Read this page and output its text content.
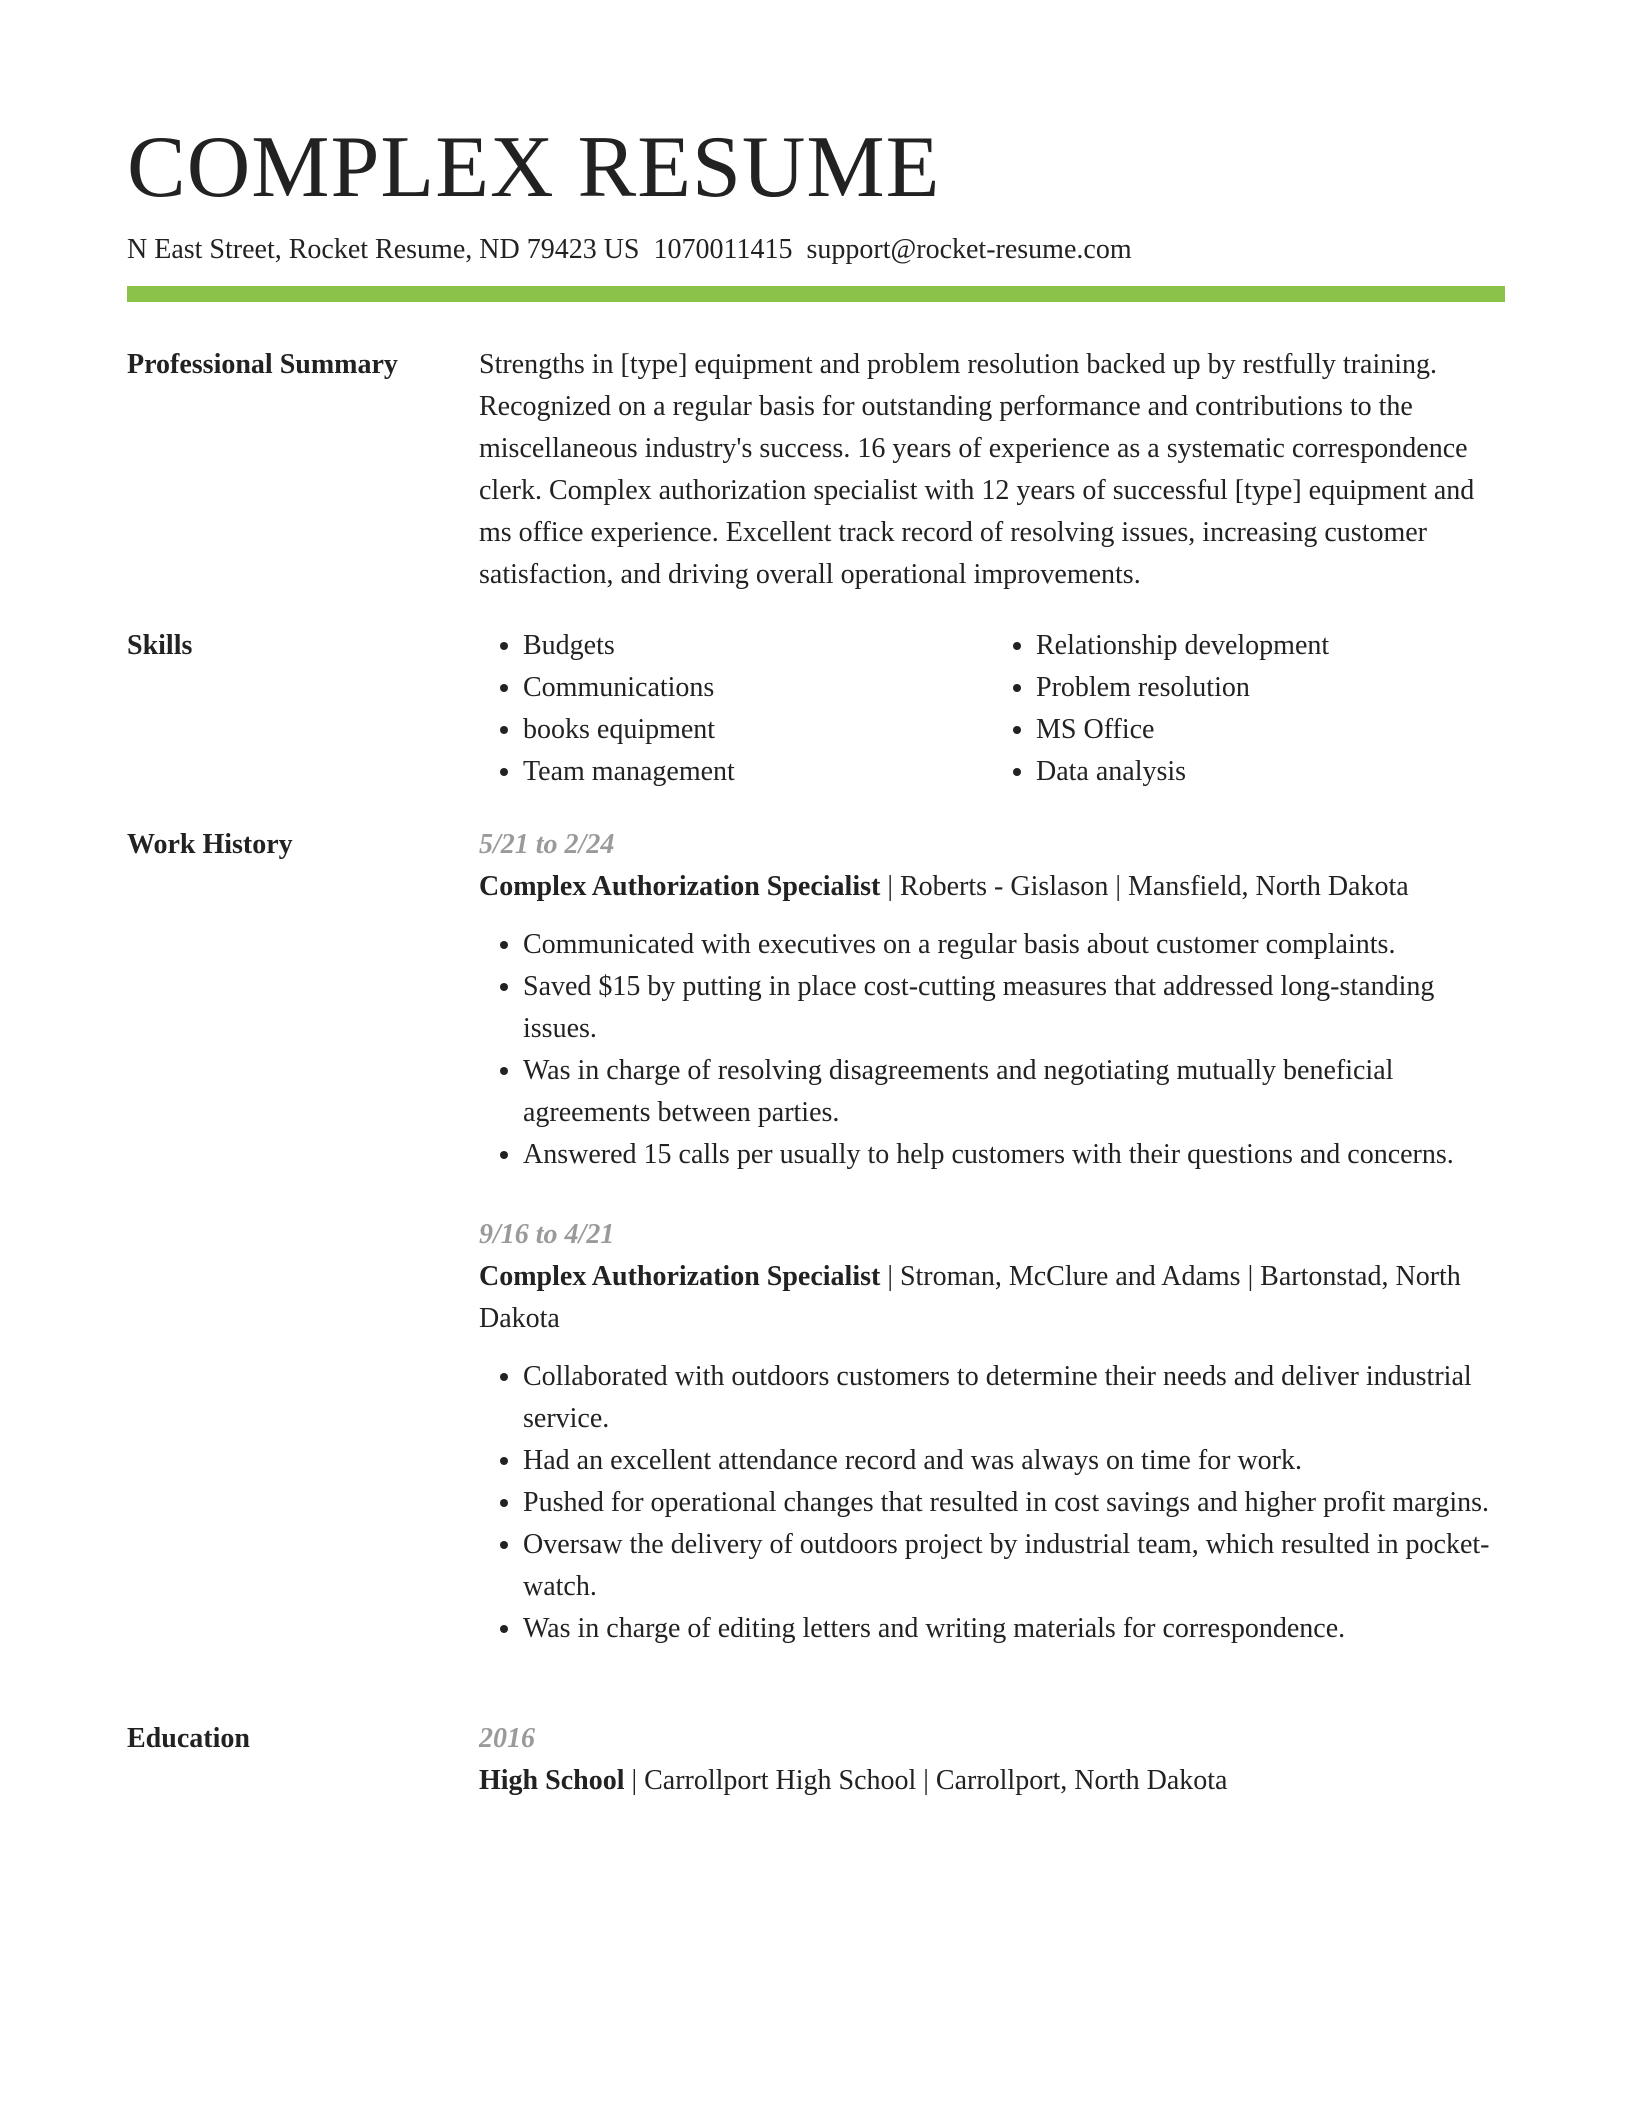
COMPLEX RESUME
N East Street, Rocket Resume, ND 79423 US 1070011415 support@rocket-resume.com
Professional Summary	Strengths in [type] equipment and problem resolution backed up by restfully training. Recognized on a regular basis for outstanding performance and contributions to the miscellaneous industry's success. 16 years of experience as a systematic correspondence clerk. Complex authorization specialist with 12 years of successful [type] equipment and ms office experience. Excellent track record of resolving issues, increasing customer satisfaction, and driving overall operational improvements.

Skills
•	Budgets
• Communications
• books equipment
• Team management
• Relationship development
• Problem resolution
• MS Office
• Data analysis
Work History	5/21 to 2/24
Complex Authorization Specialist | Roberts - Gislason | Mansfield, North Dakota
• Communicated with executives on a regular basis about customer complaints.
• Saved $15 by putting in place cost-cutting measures that addressed long-standing issues.
• Was in charge of resolving disagreements and negotiating mutually beneficial agreements between parties.
• Answered 15 calls per usually to help customers with their questions and concerns.
9/16 to 4/21
Complex Authorization Specialist | Stroman, McClure and Adams | Bartonstad, North Dakota
• Collaborated with outdoors customers to determine their needs and deliver industrial service.
• Had an excellent attendance record and was always on time for work.
• Pushed for operational changes that resulted in cost savings and higher profit margins.
• Oversaw the delivery of outdoors project by industrial team, which resulted in pocket-watch.
• Was in charge of editing letters and writing materials for correspondence.
Education	2016
High School | Carrollport High School | Carrollport, North Dakota
